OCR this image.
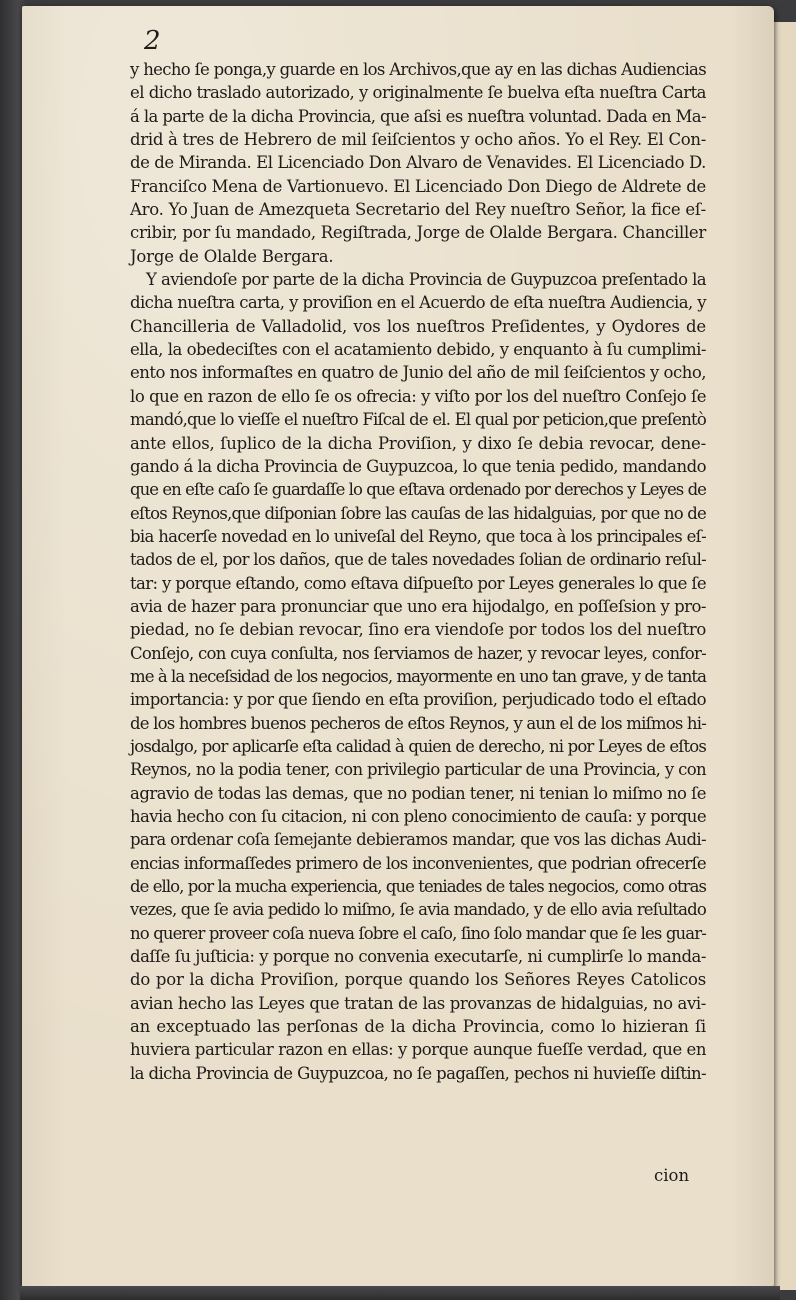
2
y hecho ſe ponga,y guarde en los Archivos,que ay en las dichas Audiencias
el dicho traslado autorizado, y originalmente ſe buelva eſta nueſtra Carta
á la parte de la dicha Provincia, que aſsi es nueſtra voluntad. Dada en Ma-
drid à tres de Hebrero de mil ſeiſcientos y ocho años. Yo el Rey. El Con-
de de Miranda. El Licenciado Don Alvaro de Venavides. El Licenciado D.
Franciſco Mena de Vartionuevo. El Licenciado Don Diego de Aldrete de
Aro. Yo Juan de Amezqueta Secretario del Rey nueſtro Señor, la fice eſ-
cribir, por ſu mandado, Regiſtrada, Jorge de Olalde Bergara. Chanciller
Jorge de Olalde Bergara.
Y aviendoſe por parte de la dicha Provincia de Guypuzcoa preſentado la
dicha nueſtra carta, y proviſion en el Acuerdo de eſta nueſtra Audiencia, y
Chancilleria de Valladolid, vos los nueſtros Preſidentes, y Oydores de
ella, la obedeciſtes con el acatamiento debido, y enquanto à ſu cumplimi-
ento nos informaſtes en quatro de Junio del año de mil ſeiſcientos y ocho,
lo que en razon de ello ſe os ofrecia: y viſto por los del nueſtro Conſejo ſe
mandó,que lo vieſſe el nueſtro Fiſcal de el. El qual por peticion,que preſentò
ante ellos, ſuplico de la dicha Proviſion, y dixo ſe debia revocar, dene-
gando á la dicha Provincia de Guypuzcoa, lo que tenia pedido, mandando
que en eſte caſo ſe guardaſſe lo que eſtava ordenado por derechos y Leyes de
eſtos Reynos,que diſponian ſobre las cauſas de las hidalguias, por que no de
bia hacerſe novedad en lo univeſal del Reyno, que toca à los principales eſ-
tados de el, por los daños, que de tales novedades ſolian de ordinario reſul-
tar: y porque eſtando, como eſtava diſpueſto por Leyes generales lo que ſe
avia de hazer para pronunciar que uno era hijodalgo, en poſſeſsion y pro-
piedad, no ſe debian revocar, ſino era viendoſe por todos los del nueſtro
Conſejo, con cuya conſulta, nos ſerviamos de hazer, y revocar leyes, confor-
me à la neceſsidad de los negocios, mayormente en uno tan grave, y de tanta
importancia: y por que ſiendo en eſta proviſion, perjudicado todo el eſtado
de los hombres buenos pecheros de eſtos Reynos, y aun el de los miſmos hi-
josdalgo, por aplicarſe eſta calidad à quien de derecho, ni por Leyes de eſtos
Reynos, no la podia tener, con privilegio particular de una Provincia, y con
agravio de todas las demas, que no podian tener, ni tenian lo miſmo no ſe
havia hecho con ſu citacion, ni con pleno conocimiento de cauſa: y porque
para ordenar coſa ſemejante debieramos mandar, que vos las dichas Audi-
encias informaſſedes primero de los inconvenientes, que podrian ofrecerſe
de ello, por la mucha experiencia, que teniades de tales negocios, como otras
vezes, que ſe avia pedido lo miſmo, ſe avia mandado, y de ello avia reſultado
no querer proveer coſa nueva ſobre el caſo, ſino ſolo mandar que ſe les guar-
daſſe ſu juſticia: y porque no convenia executarſe, ni cumplirſe lo manda-
do por la dicha Proviſion, porque quando los Señores Reyes Catolicos
avian hecho las Leyes que tratan de las provanzas de hidalguias, no avi-
an exceptuado las perſonas de la dicha Provincia, como lo hizieran ſi
huviera particular razon en ellas: y porque aunque fueſſe verdad, que en
la dicha Provincia de Guypuzcoa, no ſe pagaſſen, pechos ni huvieſſe diſtin-
cion
